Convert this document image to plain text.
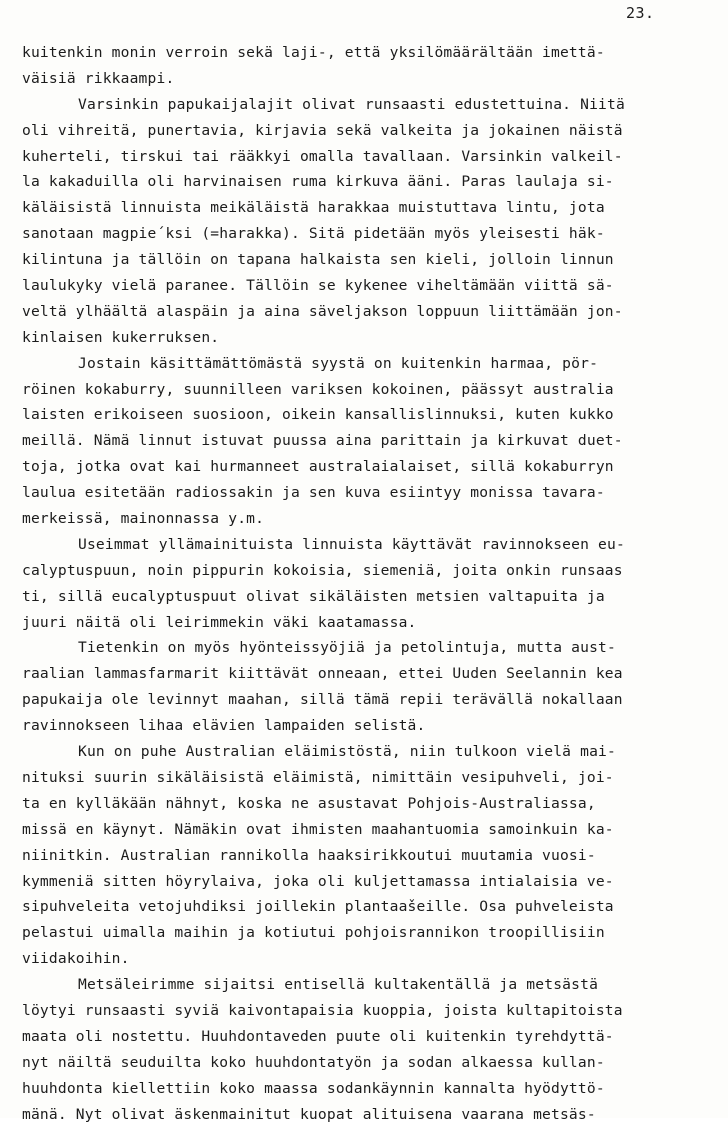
23.
kuitenkin monin verroin sekä laji-, että yksilömäärältään imettä-
väisiä rikkaampi.
Varsinkin papukaijalajit olivat runsaasti edustettuina. Niitä
oli vihreitä, punertavia, kirjavia sekä valkeita ja jokainen näistä
kuherteli, tirskui tai rääkkyi omalla tavallaan. Varsinkin valkeil-
la kakaduilla oli harvinaisen ruma kirkuva ääni. Paras laulaja si-
käläisistä linnuista meikäläistä harakkaa muistuttava lintu, jota
sanotaan magpie´ksi (=harakka). Sitä pidetään myös yleisesti häk-
kilintuna ja tällöin on tapana halkaista sen kieli, jolloin linnun
laulukyky vielä paranee. Tällöin se kykenee viheltämään viittä sä-
veltä ylhäältä alaspäin ja aina säveljakson loppuun liittämään jon-
kinlaisen kukerruksen.
Jostain käsittämättömästä syystä on kuitenkin harmaa, pör-
röinen kokaburry, suunnilleen variksen kokoinen, päässyt australia
laisten erikoiseen suosioon, oikein kansallislinnuksi, kuten kukko
meillä. Nämä linnut istuvat puussa aina parittain ja kirkuvat duet-
toja, jotka ovat kai hurmanneet australaialaiset, sillä kokaburryn
laulua esitetään radiossakin ja sen kuva esiintyy monissa tavara-
merkeissä, mainonnassa y.m.
Useimmat yllämainituista linnuista käyttävät ravinnokseen eu-
calyptuspuun, noin pippurin kokoisia, siemeniä, joita onkin runsaas
ti, sillä eucalyptuspuut olivat sikäläisten metsien valtapuita ja
juuri näitä oli leirimmekin väki kaatamassa.
Tietenkin on myös hyönteissyöjiä ja petolintuja, mutta aust-
raalian lammasfarmarit kiittävät onneaan, ettei Uuden Seelannin kea
papukaija ole levinnyt maahan, sillä tämä repii terävällä nokallaan
ravinnokseen lihaa elävien lampaiden selistä.
Kun on puhe Australian eläimistöstä, niin tulkoon vielä mai-
nituksi suurin sikäläisistä eläimistä, nimittäin vesipuhveli, joi-
ta en kylläkään nähnyt, koska ne asustavat Pohjois-Australiassa,
missä en käynyt. Nämäkin ovat ihmisten maahantuomia samoinkuin ka-
niinitkin. Australian rannikolla haaksirikkoutui muutamia vuosi-
kymmeniä sitten höyrylaiva, joka oli kuljettamassa intialaisia ve-
sipuhveleita vetojuhdiksi joillekin plantaašeille. Osa puhveleista
pelastui uimalla maihin ja kotiutui pohjoisrannikon troopillisiin
viidakoihin.
Metsäleirimme sijaitsi entisellä kultakentällä ja metsästä
löytyi runsaasti syviä kaivontapaisia kuoppia, joista kultapitoista
maata oli nostettu. Huuhdontaveden puute oli kuitenkin tyrehdyttä-
nyt näiltä seuduilta koko huuhdontatyön ja sodan alkaessa kullan-
huuhdonta kiellettiin koko maassa sodankäynnin kannalta hyödyttö-
mänä. Nyt olivat äskenmainitut kuopat alituisena vaarana metsäs-
